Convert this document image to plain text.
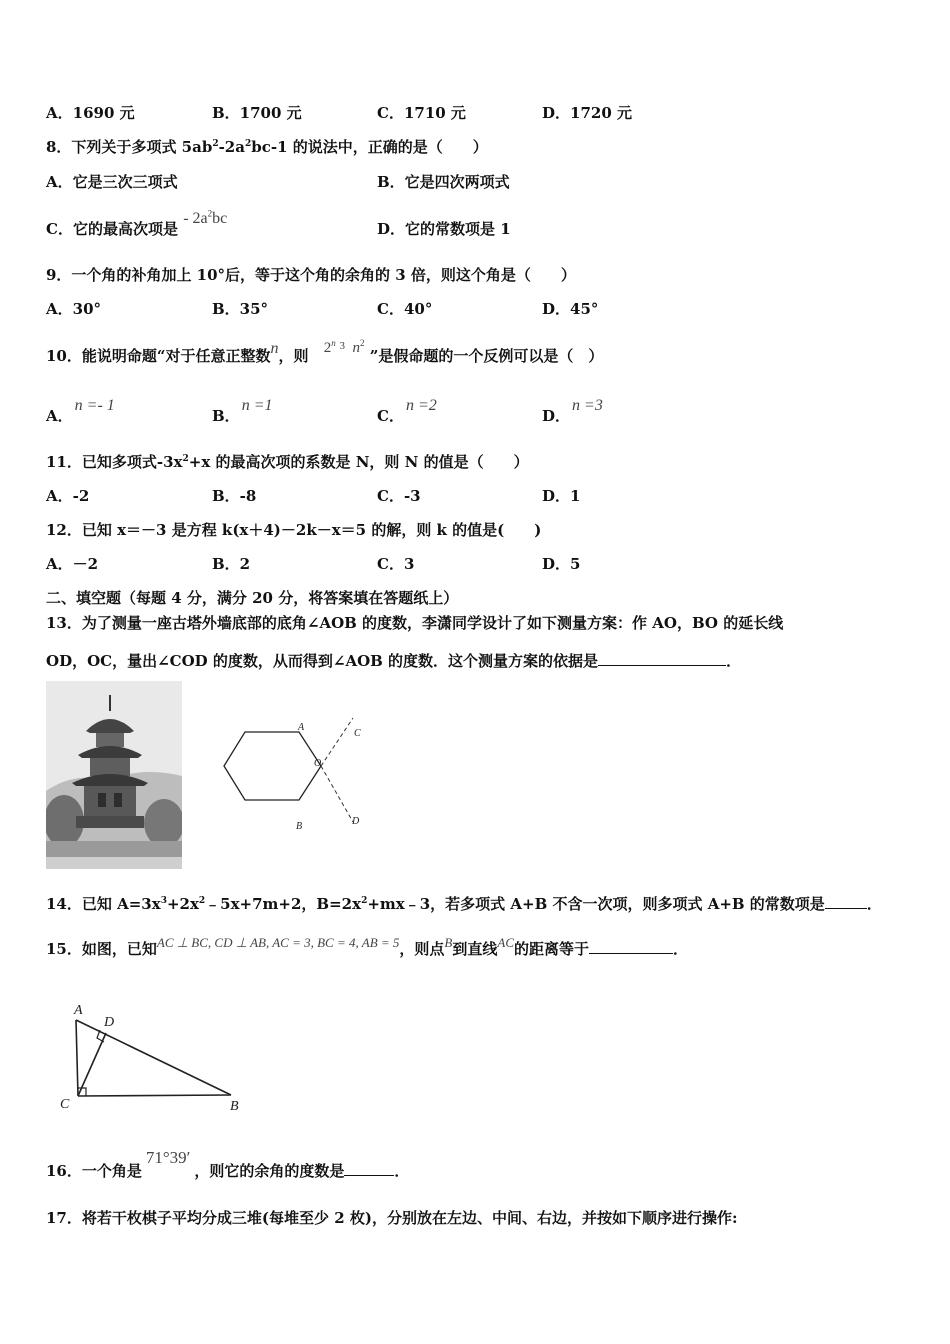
A．1690 元	B．1700 元	C．1710 元	D．1720 元
8．下列关于多项式 $5ab^2-2a^2bc-1$ 的说法中，正确的是（　　）
A．它是三次三项式	B．它是四次两项式
C．它的最高次项是 - $2a^2bc$
D．它的常数项是 1
9．一个角的补角加上 10°后，等于这个角的余角的 3 倍，则这个角是（　　）
A．30°	B．35°	C．40°	D．45°
10．能说明命题“对于任意正整数n，则 2$^n$ $^3$ $n^2$ ”是假命题的一个反例可以是（　）
A．n =- 1
B．n =1
C．n =2
D．n =3
11．已知多项式$-3x^2+x$ 的最高次项的系数是 N，则 N 的值是（　　）
A．-2	B．-8	C．-3	D．1
12．已知 x＝－3 是方程 k(x＋4)－2k－x＝5 的解，则 k 的值是(　　)
A．－2	B．2	C．3	D．5
二、填空题（每题 4 分，满分 20 分，将答案填在答题纸上）
13．为了测量一座古塔外墙底部的底角∠AOB 的度数，李潇同学设计了如下测量方案：作 AO，BO 的延长线
OD，OC，量出∠COD 的度数，从而得到∠AOB 的度数．这个测量方案的依据是	．
A
B
C
D
O
14．已知 $A=3x^3+2x^2﹣5x+7m+2$，$B=2x^2+mx﹣3$，若多项式 A+B 不含一次项，则多项式 A+B 的常数项是	．
15．如图，已知AC ⊥ BC, CD ⊥ AB, AC = 3, BC = 4, AB = 5，则点B到直线AC的距离等于	．
A
D
C	B
16．一个角是71°39′，则它的余角的度数是	．
17．将若干枚棋子平均分成三堆(每堆至少 2 枚)，分别放在左边、中间、右边，并按如下顺序进行操作:
